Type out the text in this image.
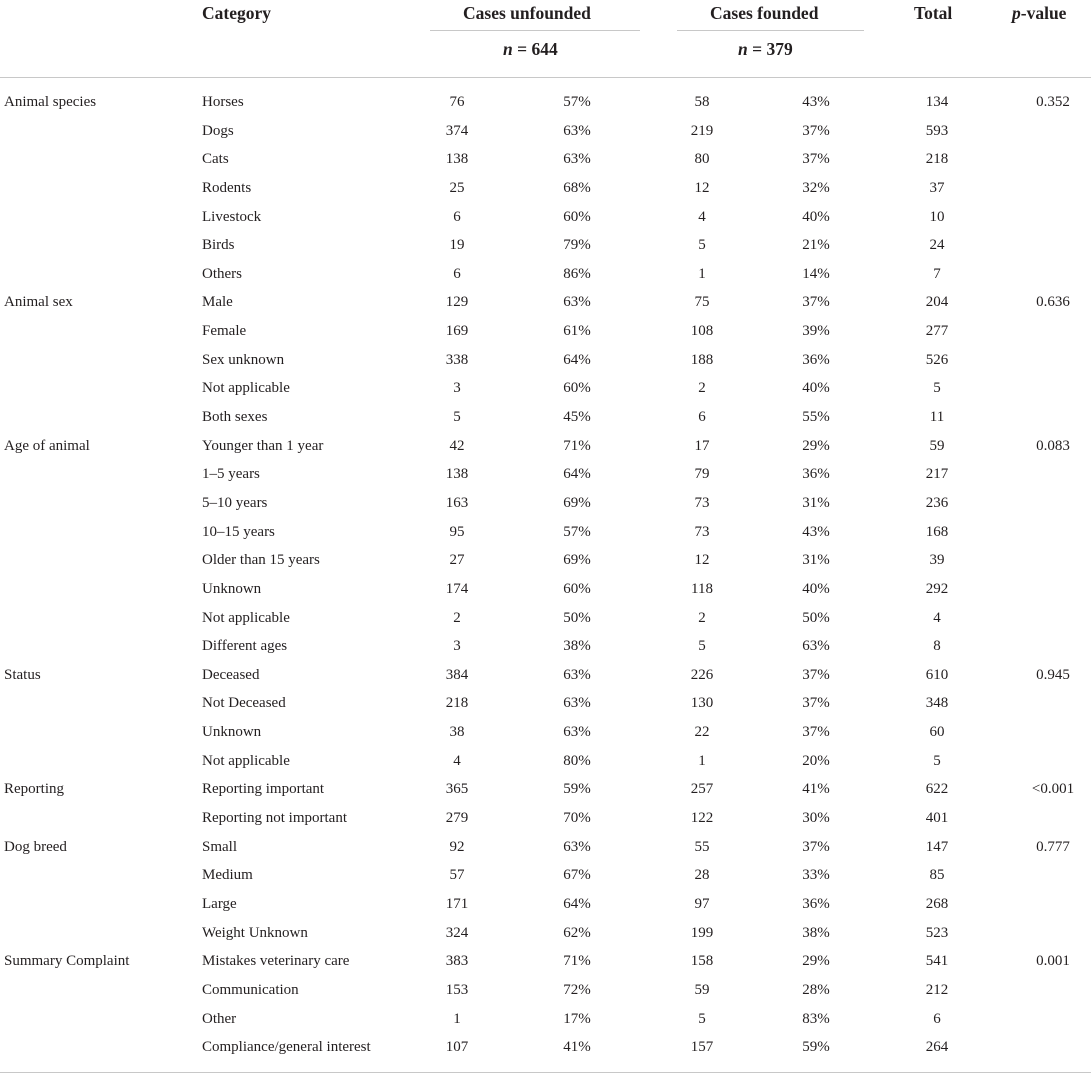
Category	Cases unfounded	Cases founded	Total	p-value
n = 644	n = 379
Animal species	Horses	76	57%	58	43%	134	0.352
Dogs	374	63%	219	37%	593
Cats	138	63%	80	37%	218
Rodents	25	68%	12	32%	37
Livestock	6	60%	4	40%	10
Birds	19	79%	5	21%	24
Others	6	86%	1	14%	7
Animal sex	Male	129	63%	75	37%	204	0.636
Female	169	61%	108	39%	277
Sex unknown	338	64%	188	36%	526
Not applicable	3	60%	2	40%	5
Both sexes	5	45%	6	55%	11
Age of animal	Younger than 1 year	42	71%	17	29%	59	0.083
1–5 years	138	64%	79	36%	217
5–10 years	163	69%	73	31%	236
10–15 years	95	57%	73	43%	168
Older than 15 years	27	69%	12	31%	39
Unknown	174	60%	118	40%	292
Not applicable	2	50%	2	50%	4
Different ages	3	38%	5	63%	8
Status	Deceased	384	63%	226	37%	610	0.945
Not Deceased	218	63%	130	37%	348
Unknown	38	63%	22	37%	60
Not applicable	4	80%	1	20%	5
Reporting	Reporting important	365	59%	257	41%	622	<0.001
Reporting not important	279	70%	122	30%	401
Dog breed	Small	92	63%	55	37%	147	0.777
Medium	57	67%	28	33%	85
Large	171	64%	97	36%	268
Weight Unknown	324	62%	199	38%	523
Summary Complaint	Mistakes veterinary care	383	71%	158	29%	541	0.001
Communication	153	72%	59	28%	212
Other	1	17%	5	83%	6
Compliance/general interest	107	41%	157	59%	264
